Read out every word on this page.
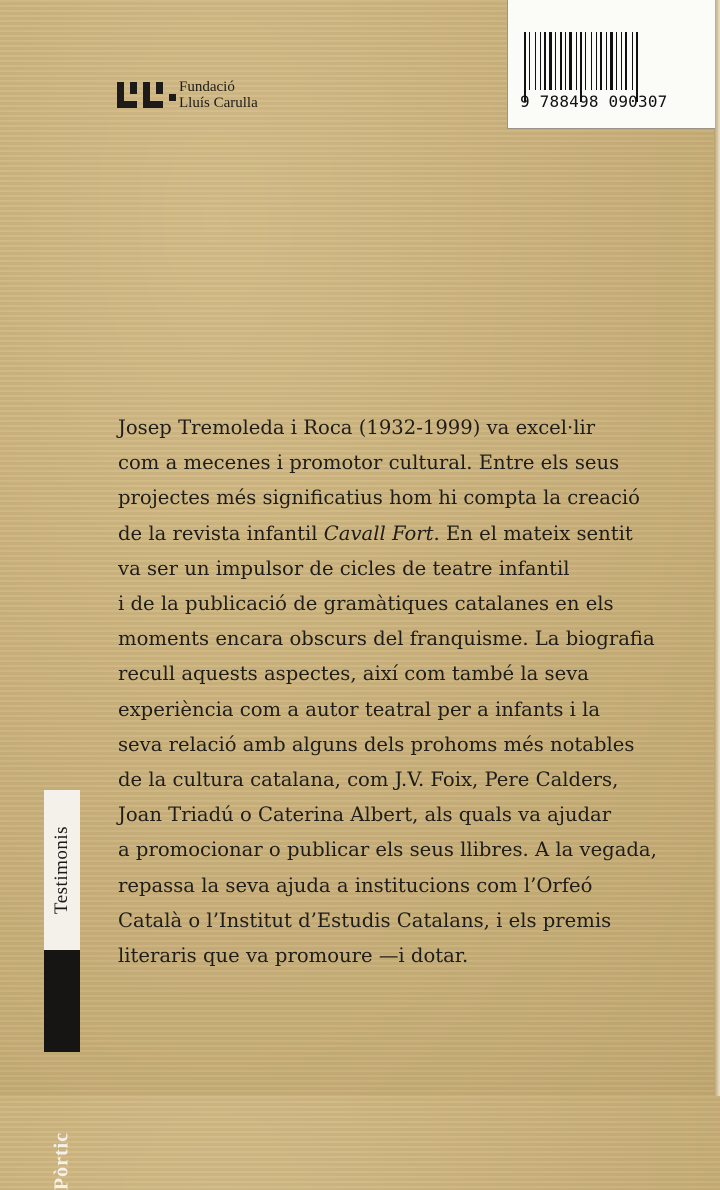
Fundació
Lluís Carulla	9 788498 090307

Josep Tremoleda i Roca (1932-1999) va excel·lir
com a mecenes i promotor cultural. Entre els seus
projectes més significatius hom hi compta la creació
de la revista infantil Cavall Fort. En el mateix sentit
va ser un impulsor de cicles de teatre infantil
i de la publicació de gramàtiques catalanes en els
moments encara obscurs del franquisme. La biografia
recull aquests aspectes, així com també la seva
experiència com a autor teatral per a infants i la
seva relació amb alguns dels prohoms més notables
de la cultura catalana, com J.V. Foix, Pere Calders,
Joan Triadú o Caterina Albert, als quals va ajudar
a promocionar o publicar els seus llibres. A la vegada,
repassa la seva ajuda a institucions com l’Orfeó
Català o l’Institut d’Estudis Catalans, i els premis
literaris que va promoure —i dotar.

Testimonis
Pòrtic
